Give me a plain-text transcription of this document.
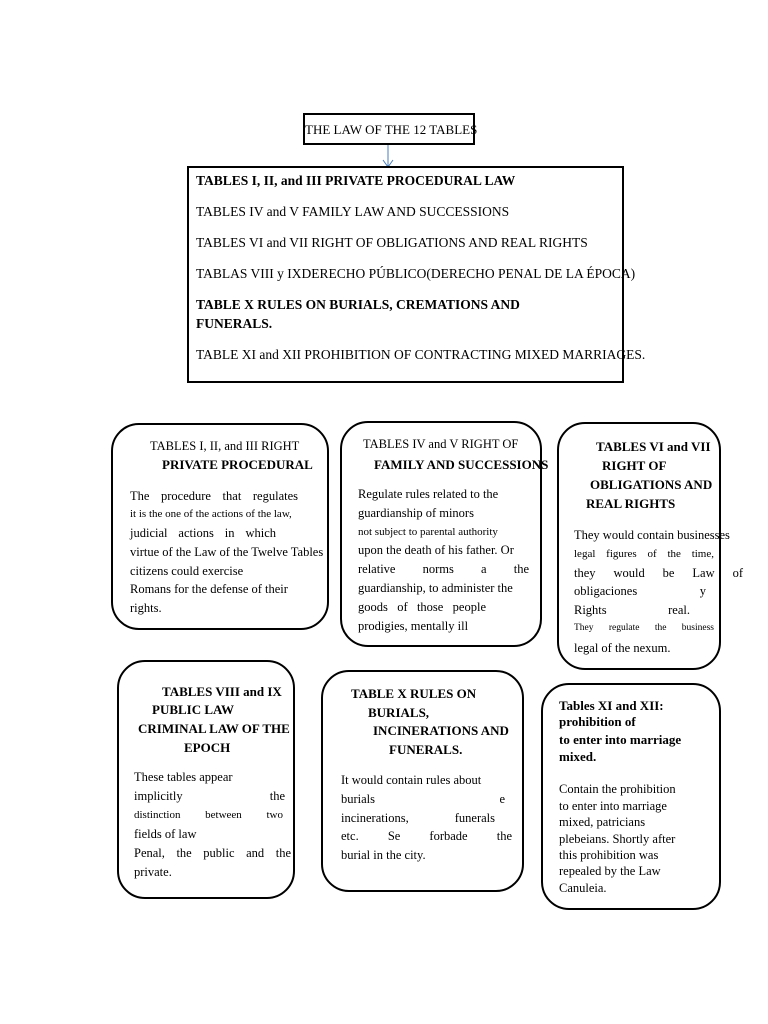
THE LAW OF THE 12 TABLES
TABLES I, II, and III PRIVATE PROCEDURAL LAW
TABLES IV and V FAMILY LAW AND SUCCESSIONS
TABLES VI and VII RIGHT OF OBLIGATIONS AND REAL RIGHTS
TABLAS VIII y IXDERECHO PÚBLICO(DERECHO PENAL DE LA ÉPOCA)
TABLE X RULES ON BURIALS, CREMATIONS AND
FUNERALS.
TABLE XI and XII PROHIBITION OF CONTRACTING MIXED MARRIAGES.
TABLES I, II, and III RIGHT
PRIVATE PROCEDURAL
The procedure that regulates
it is the one of the actions of the law,
judicial actions in which
virtue of the Law of the Twelve Tables
citizens could exercise
Romans for the defense of their
rights.
TABLES IV and V RIGHT OF
FAMILY AND SUCCESSIONS
Regulate rules related to the
guardianship of minors
not subject to parental authority
upon the death of his father. Or
relative norms a the
guardianship, to administer the
goods of those people
prodigies, mentally ill
TABLES VI and VII
RIGHT OF
OBLIGATIONS AND
REAL RIGHTS
They would contain businesses
legal figures of the time,
they would be Law of
obligaciones y
Rights real.
They regulate the business
legal of the nexum.
TABLES VIII and IX
PUBLIC LAW
CRIMINAL LAW OF THE
EPOCH
These tables appear
implicitly the
distinction between two
fields of law
Penal, the public and the
private.
TABLE X RULES ON
BURIALS,
INCINERATIONS AND
FUNERALS.
It would contain rules about
burials e
incinerations, funerals
etc. Se forbade the
burial in the city.
Tables XI and XII:
prohibition of
to enter into marriage
mixed.
Contain the prohibition
to enter into marriage
mixed, patricians
plebeians. Shortly after
this prohibition was
repealed by the Law
Canuleia.
